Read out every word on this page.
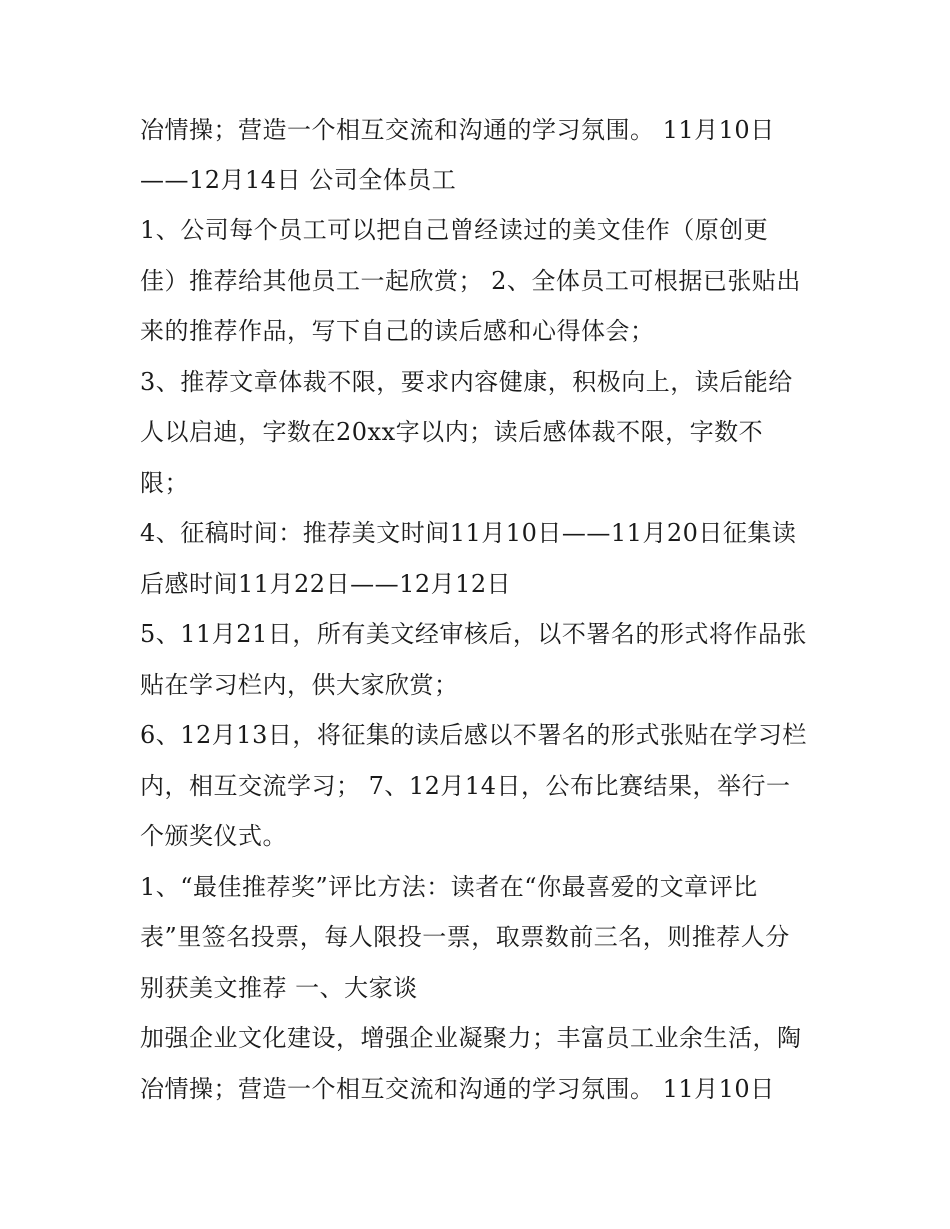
冶情操；营造一个相互交流和沟通的学习氛围。 11月10日

——12月14日 公司全体员工

1、公司每个员工可以把自己曾经读过的美文佳作（原创更

佳）推荐给其他员工一起欣赏； 2、全体员工可根据已张贴出

来的推荐作品，写下自己的读后感和心得体会；

3、推荐文章体裁不限，要求内容健康，积极向上，读后能给

人以启迪，字数在20xx字以内；读后感体裁不限，字数不

限；

4、征稿时间：推荐美文时间11月10日——11月20日征集读

后感时间11月22日——12月12日

5、11月21日，所有美文经审核后，以不署名的形式将作品张

贴在学习栏内，供大家欣赏；

6、12月13日，将征集的读后感以不署名的形式张贴在学习栏

内，相互交流学习； 7、12月14日，公布比赛结果，举行一

个颁奖仪式。

1、“最佳推荐奖”评比方法：读者在“你最喜爱的文章评比

表”里签名投票，每人限投一票，取票数前三名，则推荐人分

别获美文推荐 一、大家谈

加强企业文化建设，增强企业凝聚力；丰富员工业余生活，陶

冶情操；营造一个相互交流和沟通的学习氛围。 11月10日
